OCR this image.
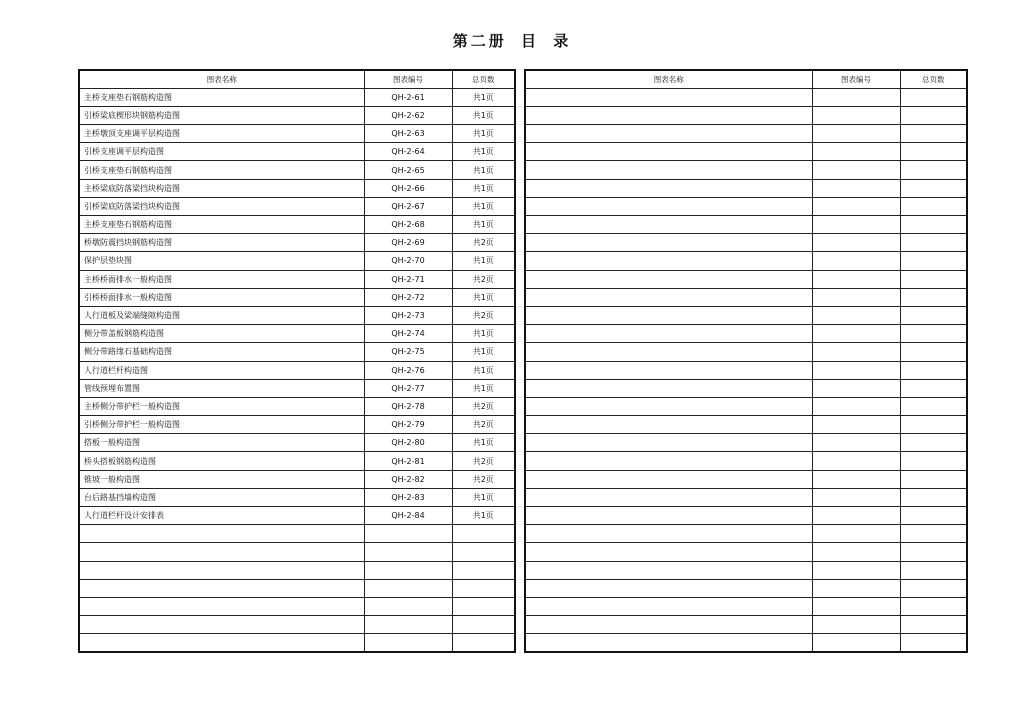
第二册 目 录
图表名称	图表编号	总页数
主桥支座垫石钢筋构造图	QH-2-61	共1页
引桥梁底楔形块钢筋构造图	QH-2-62	共1页
主桥墩顶支座调平层构造图	QH-2-63	共1页
引桥支座调平层构造图	QH-2-64	共1页
引桥支座垫石钢筋构造图	QH-2-65	共1页
主桥梁底防落梁挡块构造图	QH-2-66	共1页
引桥梁底防落梁挡块构造图	QH-2-67	共1页
主桥支座垫石钢筋构造图	QH-2-68	共1页
桥墩防震挡块钢筋构造图	QH-2-69	共2页
保护层垫块图	QH-2-70	共1页
主桥桥面排水一般构造图	QH-2-71	共2页
引桥桥面排水一般构造图	QH-2-72	共1页
人行道板及梁端缝隙构造图	QH-2-73	共2页
侧分带盖板钢筋构造图	QH-2-74	共1页
侧分带路缘石基础构造图	QH-2-75	共1页
人行道栏杆构造图	QH-2-76	共1页
管线预埋布置图	QH-2-77	共1页
主桥侧分带护栏一般构造图	QH-2-78	共2页
引桥侧分带护栏一般构造图	QH-2-79	共2页
搭板一般构造图	QH-2-80	共1页
桥头搭板钢筋构造图	QH-2-81	共2页
锥坡一般构造图	QH-2-82	共2页
台后路基挡墙构造图	QH-2-83	共1页
人行道栏杆设计安排表	QH-2-84	共1页

图表名称	图表编号	总页数
